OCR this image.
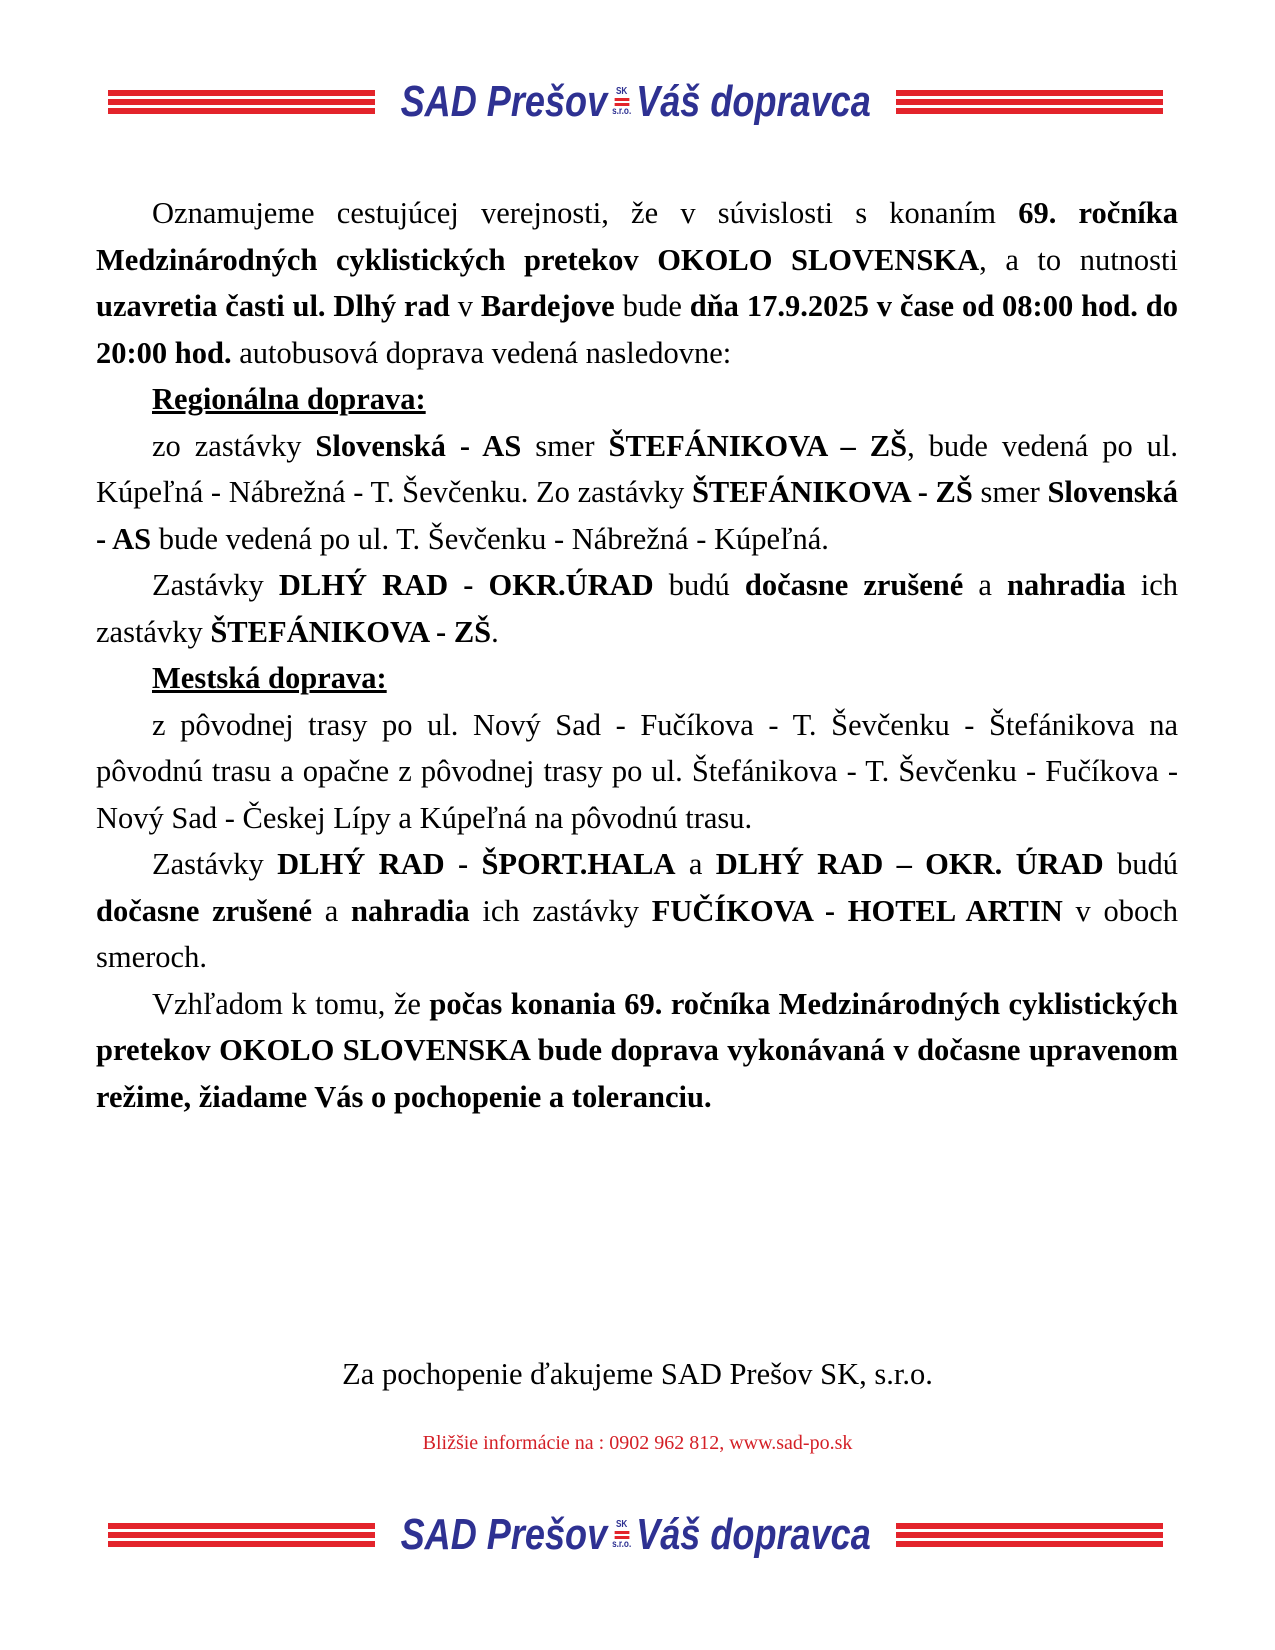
SAD Prešov SK
s.r.o. Váš dopravca

Oznamujeme cestujúcej verejnosti, že v súvislosti s konaním 69. ročníka Medzinárodných cyklistických pretekov OKOLO SLOVENSKA, a to nutnosti uzavretia časti ul. Dlhý rad v Bardejove bude dňa 17.9.2025 v čase od 08:00 hod. do 20:00 hod. autobusová doprava vedená nasledovne:

Regionálna doprava:

zo zastávky Slovenská - AS smer ŠTEFÁNIKOVA – ZŠ, bude vedená po ul. Kúpeľná - Nábrežná - T. Ševčenku. Zo zastávky ŠTEFÁNIKOVA - ZŠ smer Slovenská - AS bude vedená po ul. T. Ševčenku - Nábrežná - Kúpeľná.

Zastávky DLHÝ RAD - OKR.ÚRAD budú dočasne zrušené a nahradia ich zastávky ŠTEFÁNIKOVA - ZŠ.

Mestská doprava:

z pôvodnej trasy po ul. Nový Sad - Fučíkova - T. Ševčenku - Štefánikova na pôvodnú trasu a opačne z pôvodnej trasy po ul. Štefánikova - T. Ševčenku - Fučíkova - Nový Sad - Českej Lípy a Kúpeľná na pôvodnú trasu.

Zastávky DLHÝ RAD - ŠPORT.HALA a DLHÝ RAD – OKR. ÚRAD budú dočasne zrušené a nahradia ich zastávky FUČÍKOVA - HOTEL ARTIN v oboch smeroch.

Vzhľadom k tomu, že počas konania 69. ročníka Medzinárodných cyklistických pretekov OKOLO SLOVENSKA bude doprava vykonávaná v dočasne upravenom režime, žiadame Vás o pochopenie a toleranciu.

Za pochopenie ďakujeme SAD Prešov SK, s.r.o.
Bližšie informácie na : 0902 962 812, www.sad-po.sk
SAD Prešov SK
s.r.o. Váš dopravca
